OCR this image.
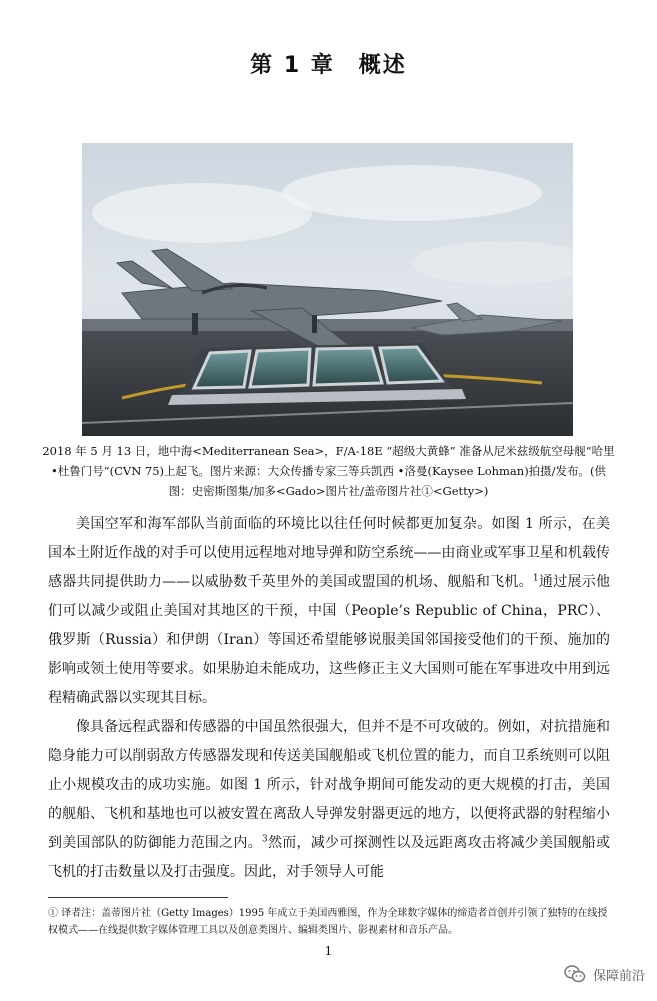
第 1 章　概述
2018 年 5 月 13 日，地中海<Mediterranean Sea>，F/A-18E “超级大黄蜂” 准备从尼米兹级航空母舰“哈里 •杜鲁门号”(CVN 75)上起飞。图片来源：大众传播专家三等兵凯西 •洛曼(Kaysee Lohman)拍摄/发布。(供图：史密斯图集/加多<Gado>图片社/盖帝图片社①<Getty>)

美国空军和海军部队当前面临的环境比以往任何时候都更加复杂。如图 1 所示，在美国本土附近作战的对手可以使用远程地对地导弹和防空系统——由商业或军事卫星和机载传感器共同提供助力——以威胁数千英里外的美国或盟国的机场、舰船和飞机。$^1$通过展示他们可以减少或阻止美国对其地区的干预，中国（People’s Republic of China，PRC）、俄罗斯（Russia）和伊朗（Iran）等国还希望能够说服美国邻国接受他们的干预、施加的影响或领土使用等要求。如果胁迫未能成功，这些修正主义大国则可能在军事进攻中用到远程精确武器以实现其目标。

像具备远程武器和传感器的中国虽然很强大，但并不是不可攻破的。例如，对抗措施和隐身能力可以削弱敌方传感器发现和传送美国舰船或飞机位置的能力，而自卫系统则可以阻止小规模攻击的成功实施。如图 1 所示，针对战争期间可能发动的更大规模的打击，美国的舰船、飞机和基地也可以被安置在离敌人导弹发射器更远的地方，以便将武器的射程缩小到美国部队的防御能力范围之内。$^3$然而，减少可探测性以及远距离攻击将减少美国舰船或飞机的打击数量以及打击强度。因此，对手领导人可能

① 译者注：盖蒂图片社（Getty Images）1995 年成立于美国西雅图，作为全球数字媒体的缔造者首创并引领了独特的在线授权模式——在线提供数字媒体管理工具以及创意类图片、编辑类图片、影视素材和音乐产品。
1
保障前沿
